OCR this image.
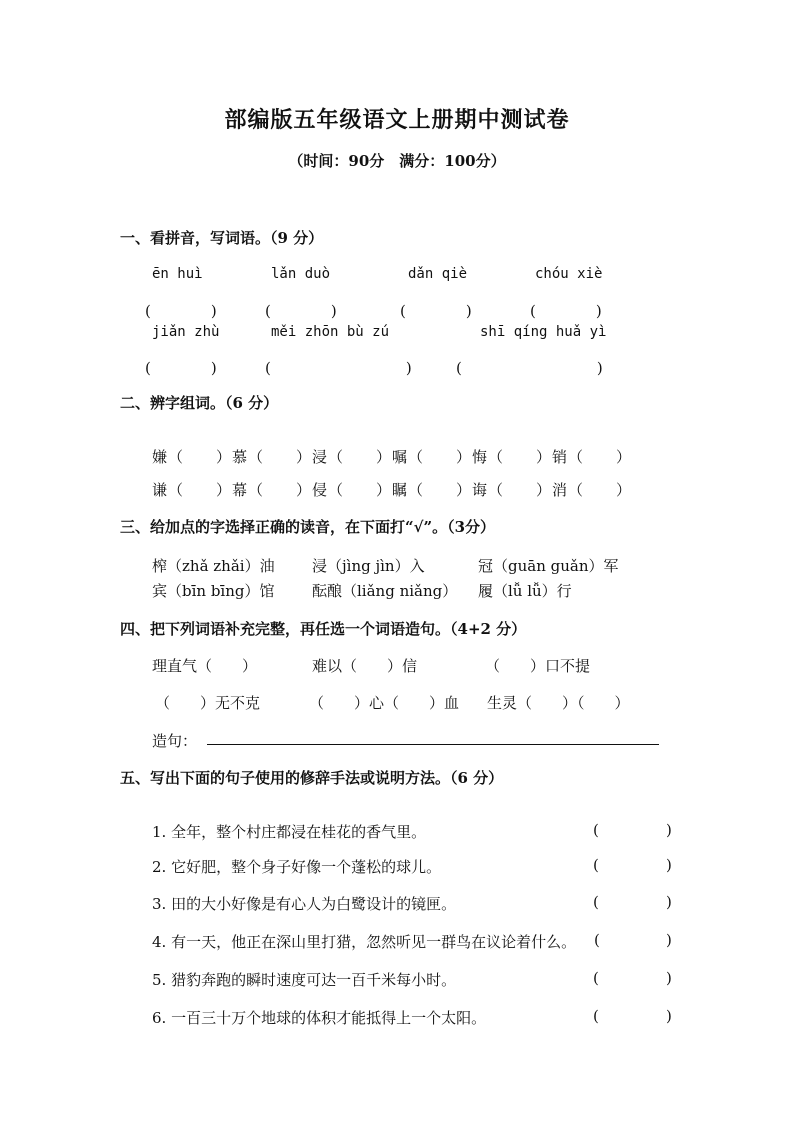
部编版五年级语文上册期中测试卷
（时间：90分　满分：100分）
一、看拼音，写词语。（9 分）
ēn huì	lǎn duò	dǎn qiè	chóu xiè
(　　　　)	(　　　　)	(　　　　)	(　　　　)
jiǎn zhù	měi zhōn bù zú	shī qíng huǎ yì
(　　　　)	(　　　　　　　　　)	(　　　　　　　　　)
二、辨字组词。（6 分）
嫌（　　）慕（　　）浸（　　）嘱（　　）悔（　　）销（　　）
谦（　　）幕（　　）侵（　　）瞩（　　）诲（　　）消（　　）
三、给加点的字选择正确的读音，在下面打“√”。（3分）
榨（zhǎ zhǎi）油 浸（jìng jìn）入	冠（guān guǎn）军
宾（bīn bīng）馆	酝酿（liǎng niǎng） 履（lǚ lǚ）行
四、把下列词语补充完整，再任选一个词语造句。（4+2 分）
理直气（　　）	难以（　　）信	（　　）口不提
（　　）无不克	（　　）心（　　）血 生灵（　　）（　　）
造句：
五、写出下面的句子使用的修辞手法或说明方法。（6 分）
1. 全年，整个村庄都浸在桂花的香气里。	(	)
2. 它好肥，整个身子好像一个蓬松的球儿。	(	)
3. 田的大小好像是有心人为白鹭设计的镜匣。	(	)
4. 有一天，他正在深山里打猎，忽然听见一群鸟在议论着什么。 (	)
5. 猎豹奔跑的瞬时速度可达一百千米每小时。	(	)
6. 一百三十万个地球的体积才能抵得上一个太阳。	(	)
